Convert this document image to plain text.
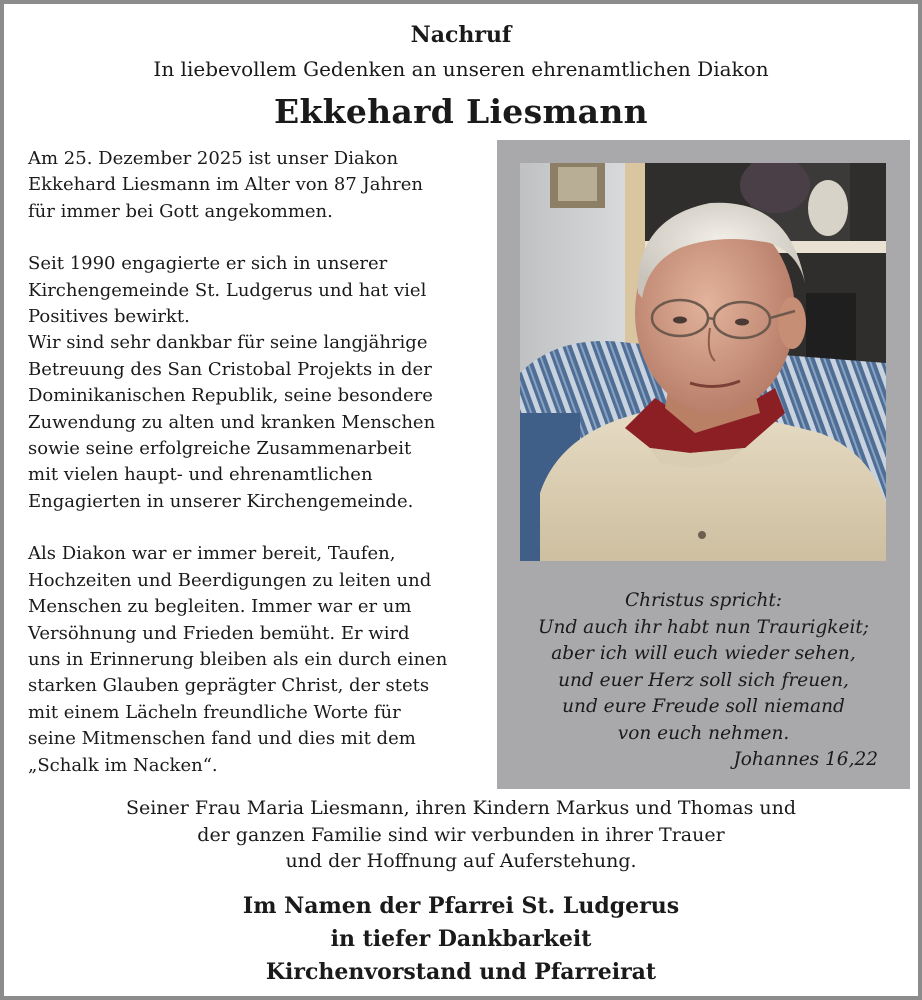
Nachruf
In liebevollem Gedenken an unseren ehrenamtlichen Diakon
Ekkehard Liesmann

Am 25. Dezember 2025 ist unser Diakon

Ekkehard Liesmann im Alter von 87 Jahren

für immer bei Gott angekommen.

Seit 1990 engagierte er sich in unserer

Kirchengemeinde St. Ludgerus und hat viel

Positives bewirkt.

Wir sind sehr dankbar für seine langjährige

Betreuung des San Cristobal Projekts in der

Dominikanischen Republik, seine besondere

Zuwendung zu alten und kranken Menschen

sowie seine erfolgreiche Zusammenarbeit

mit vielen haupt- und ehrenamtlichen

Engagierten in unserer Kirchengemeinde.

Als Diakon war er immer bereit, Taufen,

Hochzeiten und Beerdigungen zu leiten und

Menschen zu begleiten. Immer war er um

Versöhnung und Frieden bemüht. Er wird

uns in Erinnerung bleiben als ein durch einen

starken Glauben geprägter Christ, der stets

mit einem Lächeln freundliche Worte für

seine Mitmenschen fand und dies mit dem

„Schalk im Nacken“.

Christus spricht:
Und auch ihr habt nun Traurigkeit;
aber ich will euch wieder sehen,
und euer Herz soll sich freuen,
und eure Freude soll niemand
von euch nehmen.
Johannes 16,22

Seiner Frau Maria Liesmann, ihren Kindern Markus und Thomas und

der ganzen Familie sind wir verbunden in ihrer Trauer

und der Hoffnung auf Auferstehung.

Im Namen der Pfarrei St. Ludgerus

in tiefer Dankbarkeit

Kirchenvorstand und Pfarreirat
